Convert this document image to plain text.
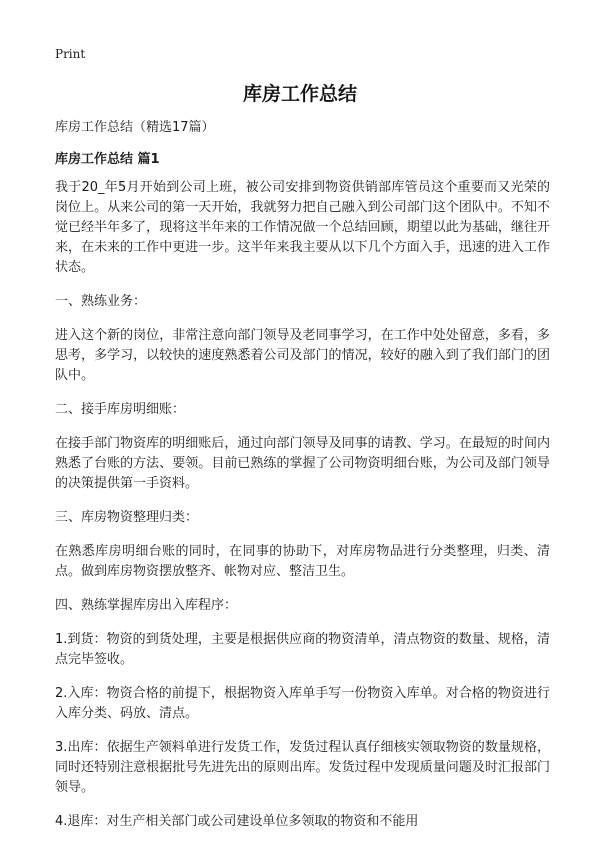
Print
库房工作总结

库房工作总结（精选17篇）

库房工作总结 篇1

我于20_年5月开始到公司上班，被公司安排到物资供销部库管员这个重要而又光荣的岗位上。从来公司的第一天开始，我就努力把自己融入到公司部门这个团队中。不知不觉已经半年多了，现将这半年来的工作情况做一个总结回顾，期望以此为基础，继往开来，在未来的工作中更进一步。这半年来我主要从以下几个方面入手，迅速的进入工作状态。

一、熟练业务：

进入这个新的岗位，非常注意向部门领导及老同事学习，在工作中处处留意，多看，多思考，多学习，以较快的速度熟悉着公司及部门的情况，较好的融入到了我们部门的团队中。

二、接手库房明细账：

在接手部门物资库的明细账后，通过向部门领导及同事的请教、学习。在最短的时间内熟悉了台账的方法、要领。目前已熟练的掌握了公司物资明细台账，为公司及部门领导的决策提供第一手资料。

三、库房物资整理归类：

在熟悉库房明细台账的同时，在同事的协助下，对库房物品进行分类整理，归类、清点。做到库房物资摆放整齐、帐物对应、整洁卫生。

四、熟练掌握库房出入库程序：

1.到货：物资的到货处理，主要是根据供应商的物资清单，清点物资的数量、规格，清点完毕签收。

2.入库：物资合格的前提下，根据物资入库单手写一份物资入库单。对合格的物资进行入库分类、码放、清点。

3.出库：依据生产领料单进行发货工作，发货过程认真仔细核实领取物资的数量规格，同时还特别注意根据批号先进先出的原则出库。发货过程中发现质量问题及时汇报部门领导。

4.退库：对生产相关部门或公司建设单位多领取的物资和不能用
